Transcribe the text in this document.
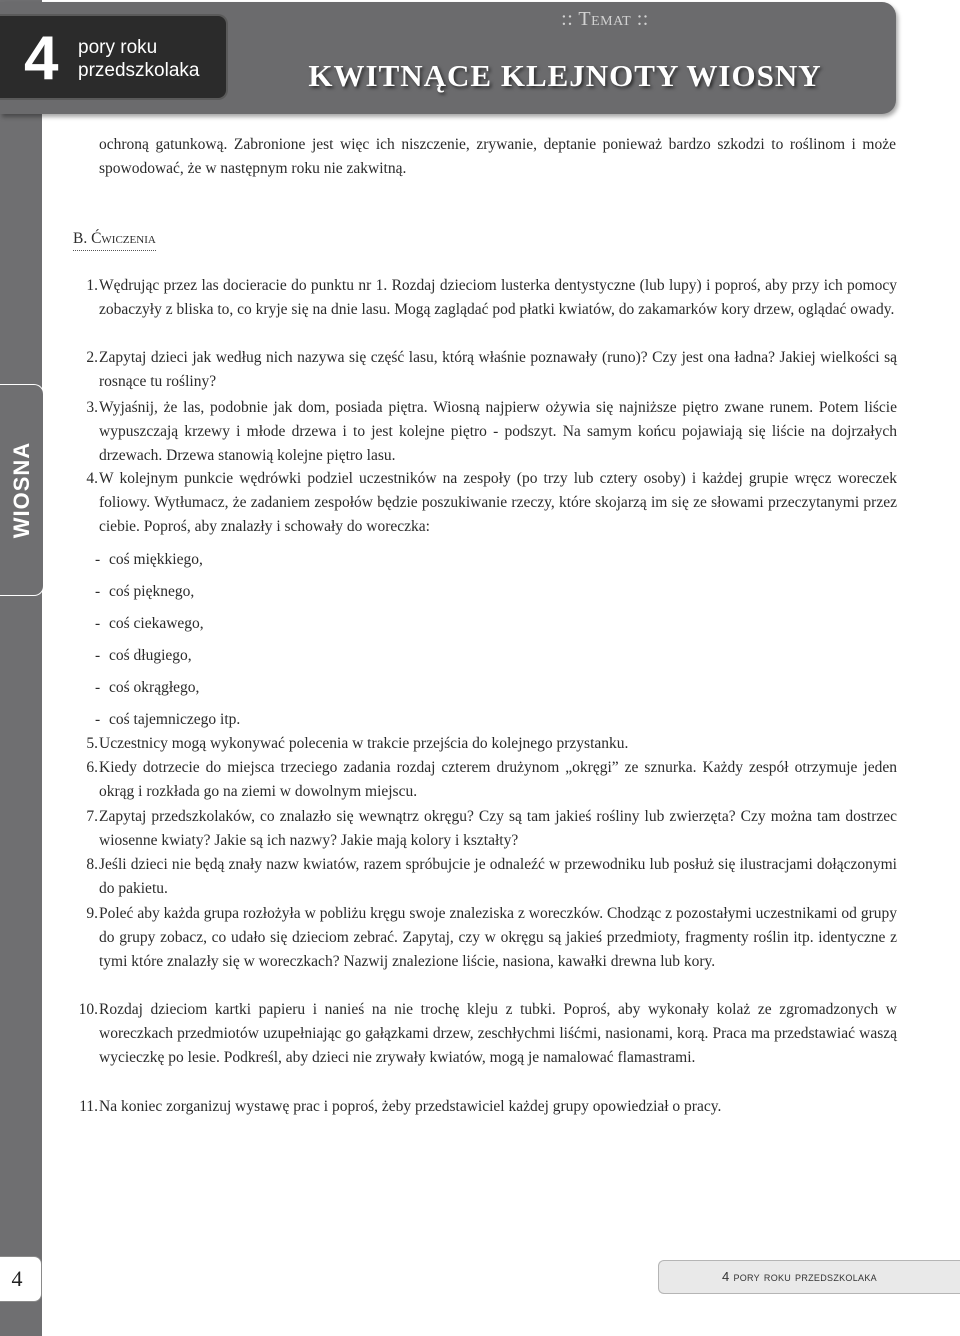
4 pory roku
przedszkolaka
:: Temat ::
KWITNĄCE KLEJNOTY WIOSNY
WIOSNA
ochroną gatunkową. Zabronione jest więc ich niszczenie, zrywanie, deptanie ponieważ bardzo szkodzi to roślinom i może spowodować, że w następnym roku nie zakwitną.
B. Ćwiczenia
1. Wędrując przez las docieracie do punktu nr 1. Rozdaj dzieciom lusterka dentystyczne (lub lupy) i poproś, aby przy ich pomocy zobaczyły z bliska to, co kryje się na dnie lasu. Mogą zaglądać pod płatki kwiatów, do zakamarków kory drzew, oglądać owady.
2. Zapytaj dzieci jak według nich nazywa się część lasu, którą właśnie poznawały (runo)? Czy jest ona ładna? Jakiej wielkości są rosnące tu rośliny?
3. Wyjaśnij, że las, podobnie jak dom, posiada piętra. Wiosną najpierw ożywia się najniższe piętro zwane runem. Potem liście wypuszczają krzewy i młode drzewa i to jest kolejne piętro - podszyt. Na samym końcu pojawiają się liście na dojrzałych drzewach. Drzewa stanowią kolejne piętro lasu.
4. W kolejnym punkcie wędrówki podziel uczestników na zespoły (po trzy lub cztery osoby) i każdej grupie wręcz woreczek foliowy. Wytłumacz, że zadaniem zespołów będzie poszukiwanie rzeczy, które skojarzą im się ze słowami przeczytanymi przez ciebie. Poproś, aby znalazły i schowały do woreczka:
- coś miękkiego,
- coś pięknego,
- coś ciekawego,
- coś długiego,
- coś okrągłego,
- coś tajemniczego itp.
5. Uczestnicy mogą wykonywać polecenia w trakcie przejścia do kolejnego przystanku.
6. Kiedy dotrzecie do miejsca trzeciego zadania rozdaj czterem drużynom „okręgi” ze sznurka. Każdy zespół otrzymuje jeden okrąg i rozkłada go na ziemi w dowolnym miejscu.
7. Zapytaj przedszkolaków, co znalazło się wewnątrz okręgu? Czy są tam jakieś rośliny lub zwierzęta? Czy można tam dostrzec wiosenne kwiaty? Jakie są ich nazwy? Jakie mają kolory i kształty?
8. Jeśli dzieci nie będą znały nazw kwiatów, razem spróbujcie je odnaleźć w przewodniku lub posłuż się ilustracjami dołączonymi do pakietu.
9. Poleć aby każda grupa rozłożyła w pobliżu kręgu swoje znaleziska z woreczków. Chodząc z pozostałymi uczestnikami od grupy do grupy zobacz, co udało się dzieciom zebrać. Zapytaj, czy w okręgu są jakieś przedmioty, fragmenty roślin itp. identyczne z tymi które znalazły się w woreczkach? Nazwij znalezione liście, nasiona, kawałki drewna lub kory.
10. Rozdaj dzieciom kartki papieru i nanieś na nie trochę kleju z tubki. Poproś, aby wykonały kolaż ze zgromadzonych w woreczkach przedmiotów uzupełniając go gałązkami drzew, zeschłychmi liśćmi, nasionami, korą. Praca ma przedstawiać waszą wycieczkę po lesie. Podkreśl, aby dzieci nie zrywały kwiatów, mogą je namalować flamastrami.
11. Na koniec zorganizuj wystawę prac i poproś, żeby przedstawiciel każdej grupy opowiedział o pracy.
4	4 pory roku przedszkolaka
